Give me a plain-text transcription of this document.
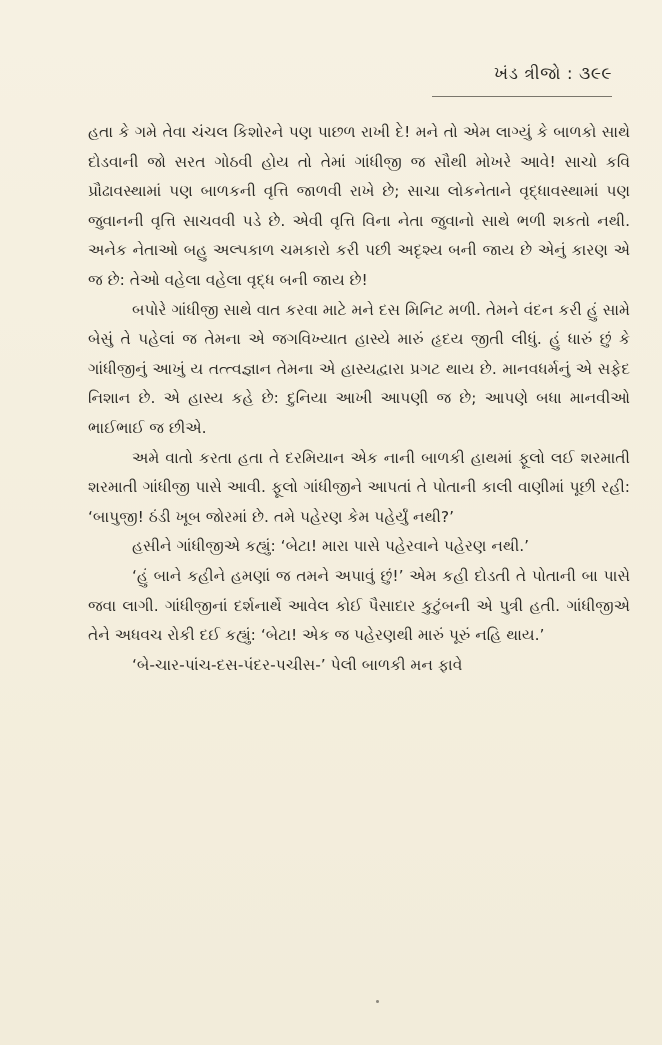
ખંડ ત્રીજો : ૩૯૯

હતા કે ગમે તેવા ચંચલ કિશોરને પણ પાછળ રાખી દે! મને તો એમ લાગ્યું કે બાળકો સાથે દોડવાની જો સરત ગોઠવી હોય તો તેમાં ગાંધીજી જ સૌથી મોખરે આવે! સાચો કવિ પ્રૌઢાવસ્થામાં પણ બાળકની વૃત્તિ જાળવી રાખે છે; સાચા લોકનેતાને વૃદ્ધાવસ્થામાં પણ જુવાનની વૃત્તિ સાચવવી પડે છે. એવી વૃત્તિ વિના નેતા જુવાનો સાથે ભળી શકતો નથી. અનેક નેતાઓ બહુ અલ્પકાળ ચમકારો કરી પછી અદૃશ્ય બની જાય છે એનું કારણ એ જ છે: તેઓ વહેલા વહેલા વૃદ્ધ બની જાય છે!

બપોરે ગાંધીજી સાથે વાત કરવા માટે મને દસ મિનિટ મળી. તેમને વંદન કરી હું સામે બેસું તે પહેલાં જ તેમના એ જગવિખ્યાત હાસ્યે મારું હૃદય જીતી લીધું. હું ધારું છું કે ગાંધીજીનું આખું ય તત્ત્વજ્ઞાન તેમના એ હાસ્યદ્વારા પ્રગટ થાય છે. માનવધર્મનું એ સફેદ નિશાન છે. એ હાસ્ય કહે છે: દુનિયા આખી આપણી જ છે; આપણે બધા માનવીઓ ભાઈભાઈ જ છીએ.

અમે વાતો કરતા હતા તે દરમિયાન એક નાની બાળકી હાથમાં ફૂલો લઈ શરમાતી શરમાતી ગાંધીજી પાસે આવી. ફૂલો ગાંધીજીને આપતાં તે પોતાની કાલી વાણીમાં પૂછી રહી: ‘બાપુજી! ઠંડી ખૂબ જોરમાં છે. તમે પહેરણ કેમ પહેર્યું નથી?’

હસીને ગાંધીજીએ કહ્યું: ‘બેટા! મારા પાસે પહેરવાને પહેરણ નથી.’

‘હું બાને કહીને હમણાં જ તમને અપાવું છું!’ એમ કહી દોડતી તે પોતાની બા પાસે જવા લાગી. ગાંધીજીનાં દર્શનાર્થે આવેલ કોઈ પૈસાદાર કુટુંબની એ પુત્રી હતી. ગાંધીજીએ તેને અધવચ રોકી દઈ કહ્યું: ‘બેટા! એક જ પહેરણથી મારું પૂરું નહિ થાય.’

‘બે-ચાર-પાંચ-દસ-પંદર-પચીસ-’ પેલી બાળકી મન ફાવે
